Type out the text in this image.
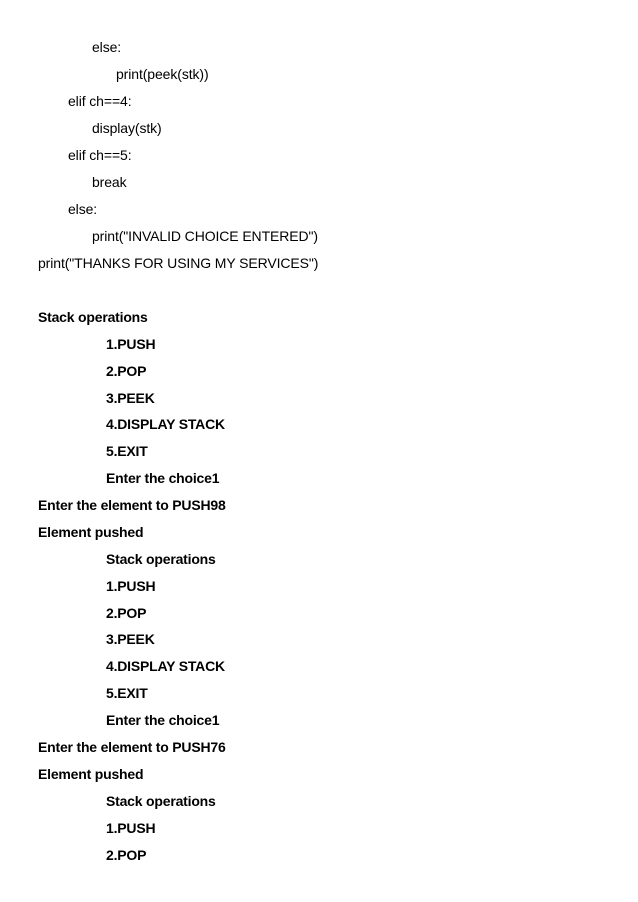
else:
print(peek(stk))
elif ch==4:
display(stk)
elif ch==5:
break
else:
print("INVALID CHOICE ENTERED")
print("THANKS FOR USING MY SERVICES")
Stack operations
1.PUSH
2.POP
3.PEEK
4.DISPLAY STACK
5.EXIT
Enter the choice1
Enter the element to PUSH98
Element pushed
Stack operations
1.PUSH
2.POP
3.PEEK
4.DISPLAY STACK
5.EXIT
Enter the choice1
Enter the element to PUSH76
Element pushed
Stack operations
1.PUSH
2.POP
